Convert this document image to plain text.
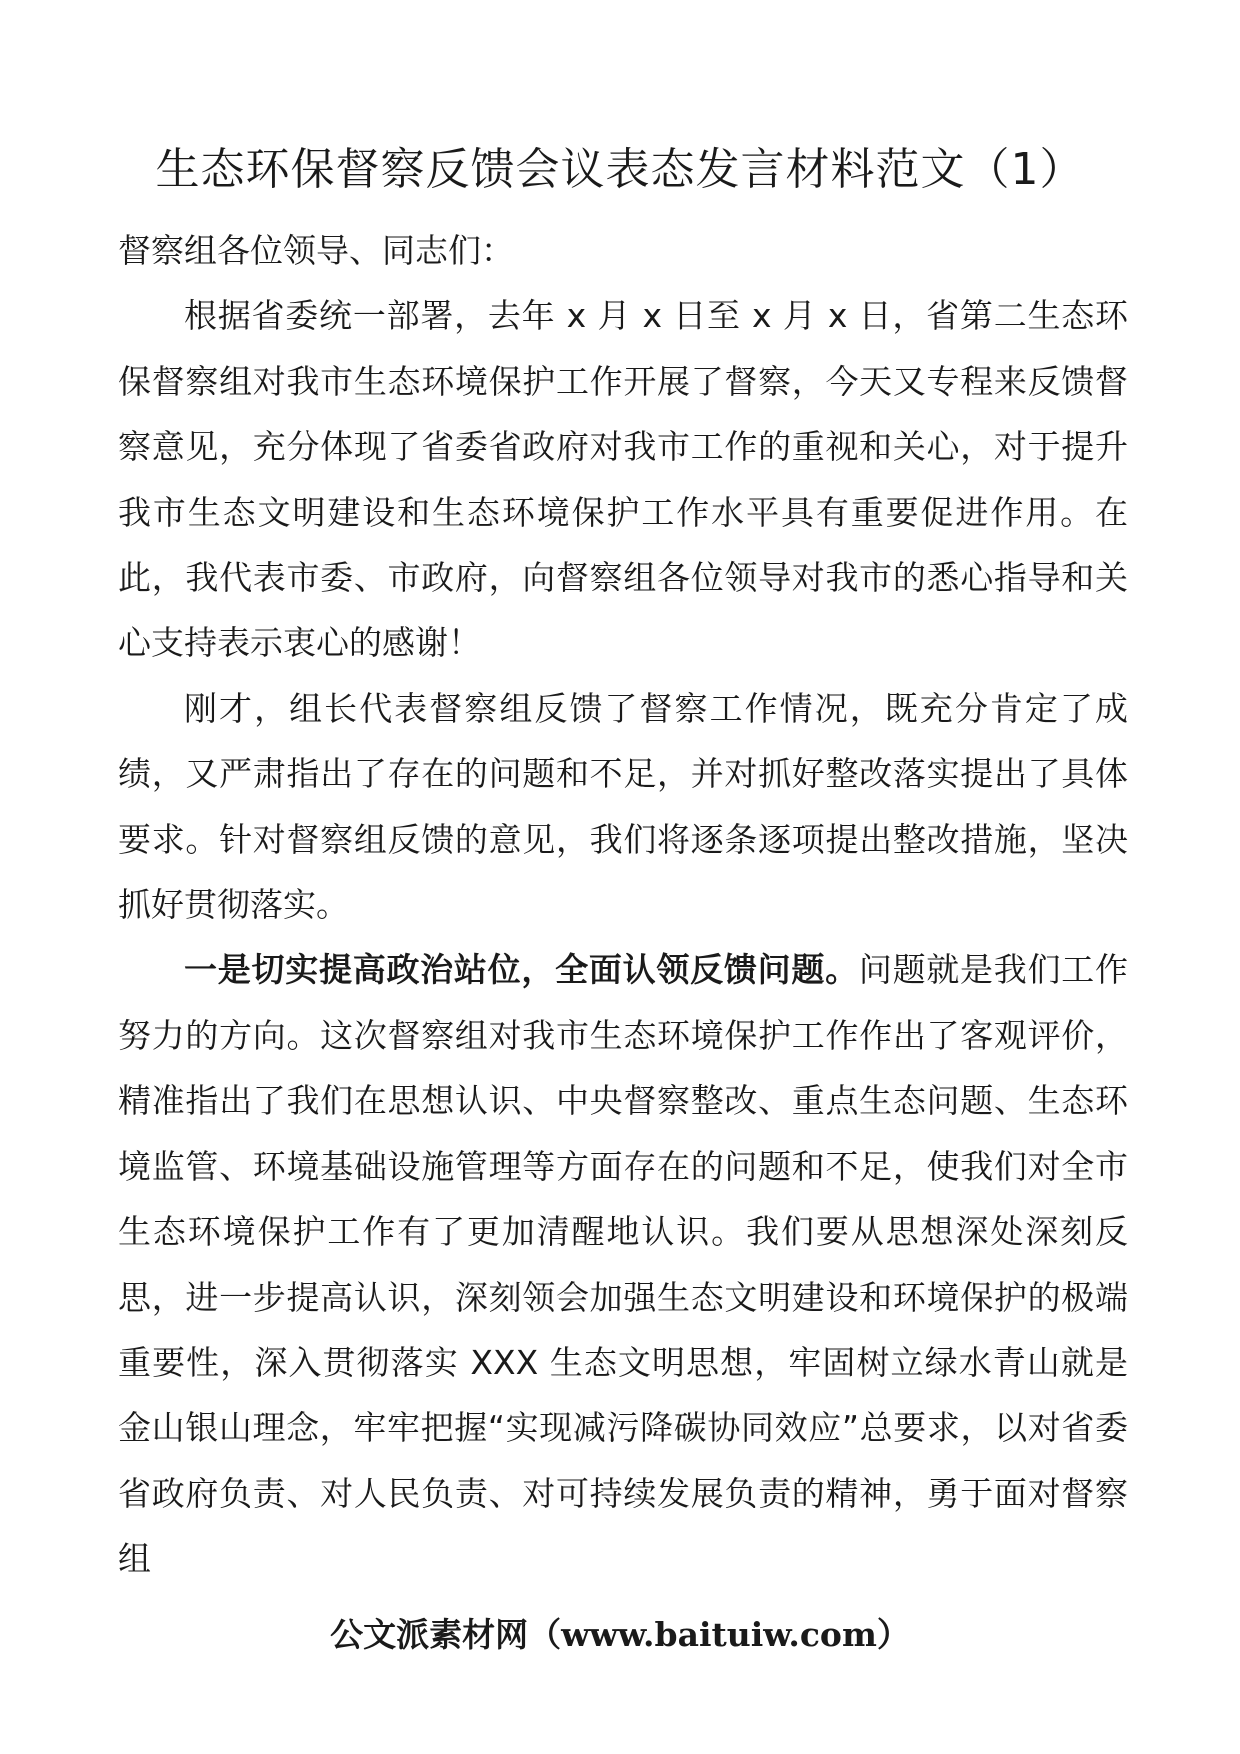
生态环保督察反馈会议表态发言材料范文（1）

督察组各位领导、同志们：

根据省委统一部署，去年 x 月 x 日至 x 月 x 日，省第二生态环保督察组对我市生态环境保护工作开展了督察，今天又专程来反馈督察意见，充分体现了省委省政府对我市工作的重视和关心，对于提升我市生态文明建设和生态环境保护工作水平具有重要促进作用。在此，我代表市委、市政府，向督察组各位领导对我市的悉心指导和关心支持表示衷心的感谢！

刚才，组长代表督察组反馈了督察工作情况，既充分肯定了成绩，又严肃指出了存在的问题和不足，并对抓好整改落实提出了具体要求。针对督察组反馈的意见，我们将逐条逐项提出整改措施，坚决抓好贯彻落实。

一是切实提高政治站位，全面认领反馈问题。问题就是我们工作努力的方向。这次督察组对我市生态环境保护工作作出了客观评价，精准指出了我们在思想认识、中央督察整改、重点生态问题、生态环境监管、环境基础设施管理等方面存在的问题和不足，使我们对全市生态环境保护工作有了更加清醒地认识。我们要从思想深处深刻反思，进一步提高认识，深刻领会加强生态文明建设和环境保护的极端重要性，深入贯彻落实 XXX 生态文明思想，牢固树立绿水青山就是金山银山理念，牢牢把握“实现减污降碳协同效应”总要求，以对省委省政府负责、对人民负责、对可持续发展负责的精神，勇于面对督察组

公文派素材网（www.baituiw.com）
